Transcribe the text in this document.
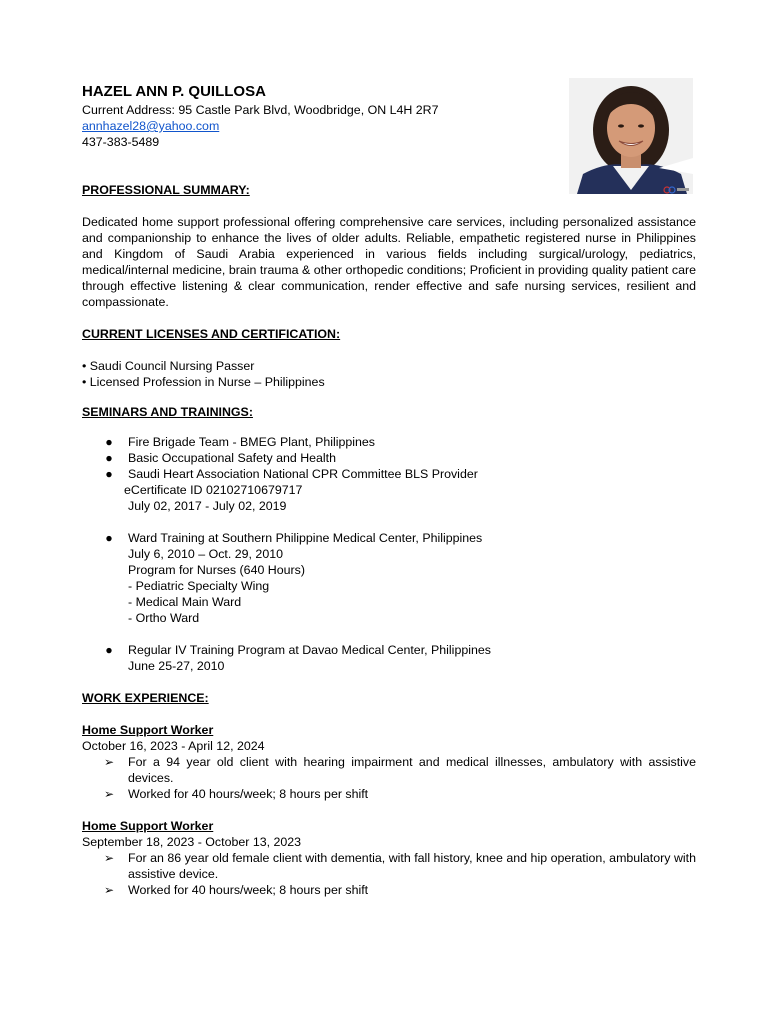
HAZEL ANN P. QUILLOSA

Current Address: 95 Castle Park Blvd, Woodbridge, ON L4H 2R7

annhazel28@yahoo.com

437-383-5489

PROFESSIONAL SUMMARY:

Dedicated home support professional offering comprehensive care services, including personalized assistance and companionship to enhance the lives of older adults. Reliable, empathetic registered nurse in Philippines and Kingdom of Saudi Arabia experienced in various fields including surgical/urology, pediatrics, medical/internal medicine, brain trauma & other orthopedic conditions; Proficient in providing quality patient care through effective listening & clear communication, render effective and safe nursing services, resilient and compassionate.

CURRENT LICENSES AND CERTIFICATION:

• Saudi Council Nursing Passer

• Licensed Profession in Nurse – Philippines

SEMINARS AND TRAININGS:

● Fire Brigade Team - BMEG Plant, Philippines
● Basic Occupational Safety and Health
● Saudi Heart Association National CPR Committee BLS Provider

eCertificate ID 02102710679717

July 02, 2017 - July 02, 2019

● Ward Training at Southern Philippine Medical Center, Philippines

July 6, 2010 – Oct. 29, 2010

Program for Nurses (640 Hours)

- Pediatric Specialty Wing

- Medical Main Ward

- Ortho Ward

● Regular IV Training Program at Davao Medical Center, Philippines

June 25-27, 2010

WORK EXPERIENCE:

Home Support Worker

October 16, 2023 - April 12, 2024

➢ For a 94 year old client with hearing impairment and medical illnesses, ambulatory with assistive devices.
➢ Worked for 40 hours/week; 8 hours per shift

Home Support Worker

September 18, 2023 - October 13, 2023

➢ For an 86 year old female client with dementia, with fall history, knee and hip operation, ambulatory with assistive device.
➢ Worked for 40 hours/week; 8 hours per shift
